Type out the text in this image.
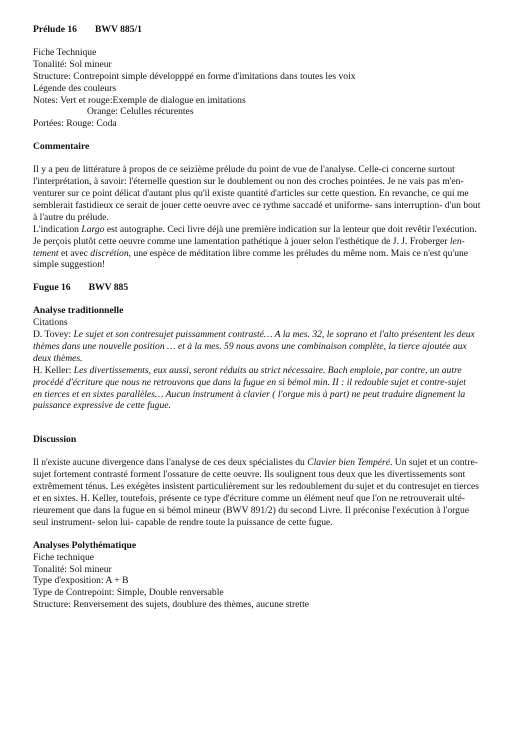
Prélude 16 BWV 885/1
Fiche Technique
Tonalité: Sol mineur
Structure: Contrepoint simple développpé en forme d'imitations dans toutes les voix
Légende des couleurs
Notes: Vert et rouge:Exemple de dialogue en imitations
Orange: Celulles récurentes
Portées: Rouge: Coda
Commentaire
Il y a peu de littérature à propos de ce seizième prélude du point de vue de l'analyse. Celle-ci concerne surtout
l'interprétation, à savoir: l'éternelle question sur le doublement ou non des croches pointées. Je ne vais pas m'en-
venturer sur ce point délicat d'autant plus qu'il existe quantité d'articles sur cette question. En revanche, ce qui me
semblerait fastidieux ce serait de jouer cette oeuvre avec ce rythme saccadé et uniforme- sans interruption- d'un bout
à l'autre du prélude.
L'indication Largo est autographe. Ceci livre déjà une première indication sur la lenteur que doit revêtir l'exécution.
Je perçois plutôt cette oeuvre comme une lamentation pathétique à jouer selon l'esthétique de J. J. Froberger len-
tement et avec discrétion, une espèce de méditation libre comme les préludes du même nom. Mais ce n'est qu'une
simple suggestion!
Fugue 16 BWV 885
Analyse traditionnelle
Citations
D. Tovey: Le sujet et son contresujet puissamment contrasté… A la mes. 32, le soprano et l'alto présentent les deux
thèmes dans une nouvelle position … et à la mes. 59 nous avons une combinaison complète, la tierce ajoutée aux
deux thèmes.
H. Keller: Les divertissements, eux aussi, seront réduits au strict nécessaire. Bach emploie, par contre, un autre
procédé d'écriture que nous ne retrouvons que dans la fugue en si bémol min. II : il redouble sujet et contre-sujet
en tierces et en sixtes parallèles… Aucun instrument à clavier ( l'orgue mis à part) ne peut traduire dignement la
puissance expressive de cette fugue.
Discussion
Il n'existe aucune divergence dans l'analyse de ces deux spécialistes du Clavier bien Tempéré. Un sujet et un contre-
sujet fortement contrasté forment l'ossature de cette oeuvre. Ils soulignent tous deux que les divertissements sont
extrêmement ténus. Les exégètes insistent particulièrement sur les redoublement du sujet et du contresujet en tierces
et en sixtes. H. Keller, toutefois, présente ce type d'écriture comme un élément neuf que l'on ne retrouverait ulté-
rieurement que dans la fugue en si bémol mineur (BWV 891/2) du second Livre. Il préconise l'exécution à l'orgue
seul instrument- selon lui- capable de rendre toute la puissance de cette fugue.
Analyses Polythématique
Fiche technique
Tonalité: Sol mineur
Type d'exposition: A + B
Type de Contrepoint: Simple, Double renversable
Structure: Renversement des sujets, doublure des thèmes, aucune strette
